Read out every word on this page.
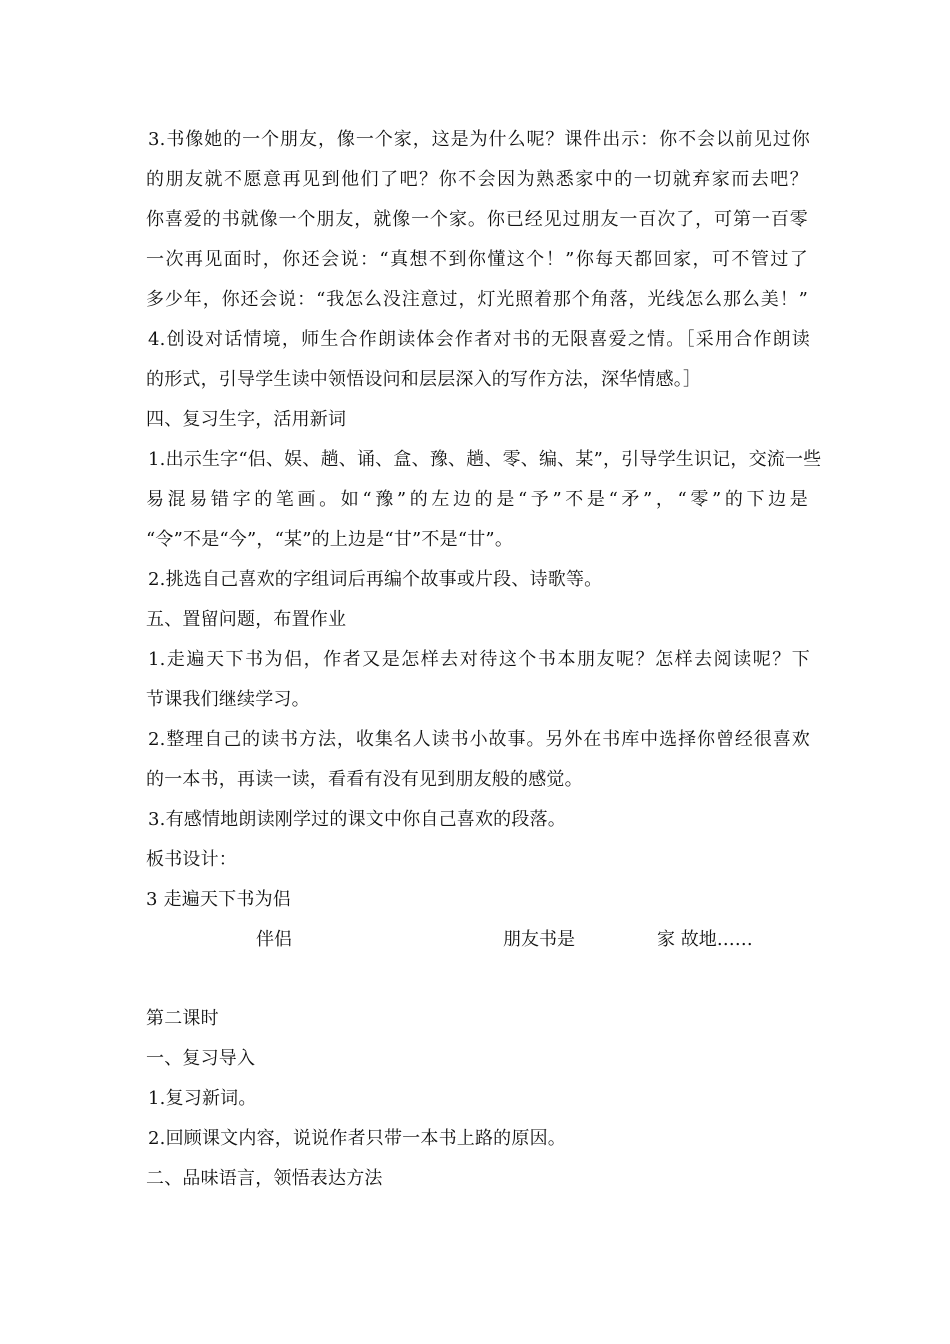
3.书像她的一个朋友，像一个家，这是为什么呢？课件出示：你不会以前见过你
的朋友就不愿意再见到他们了吧？你不会因为熟悉家中的一切就弃家而去吧？
你喜爱的书就像一个朋友，就像一个家。你已经见过朋友一百次了，可第一百零
一次再见面时，你还会说：“真想不到你懂这个！”你每天都回家，可不管过了
多少年，你还会说：“我怎么没注意过，灯光照着那个角落，光线怎么那么美！”
4.创设对话情境，师生合作朗读体会作者对书的无限喜爱之情。［采用合作朗读
的形式，引导学生读中领悟设问和层层深入的写作方法，深华情感。］
四、复习生字，活用新词
1.出示生字“侣、娱、趟、诵、盒、豫、趟、零、编、某”，引导学生识记，交流一些
易混易错字的笔画。如“豫”的左边的是“予”不是“矛”，“零”的下边是
“令”不是“今”，“某”的上边是“甘”不是“廿”。
2.挑选自己喜欢的字组词后再编个故事或片段、诗歌等。
五、置留问题，布置作业
1.走遍天下书为侣，作者又是怎样去对待这个书本朋友呢？怎样去阅读呢？下
节课我们继续学习。
2.整理自己的读书方法，收集名人读书小故事。另外在书库中选择你曾经很喜欢
的一本书，再读一读，看看有没有见到朋友般的感觉。
3.有感情地朗读刚学过的课文中你自己喜欢的段落。
板书设计：
3 走遍天下书为侣
伴侣	朋友书是	家 故地……
第二课时
一、复习导入
1.复习新词。
2.回顾课文内容，说说作者只带一本书上路的原因。
二、品味语言，领悟表达方法
